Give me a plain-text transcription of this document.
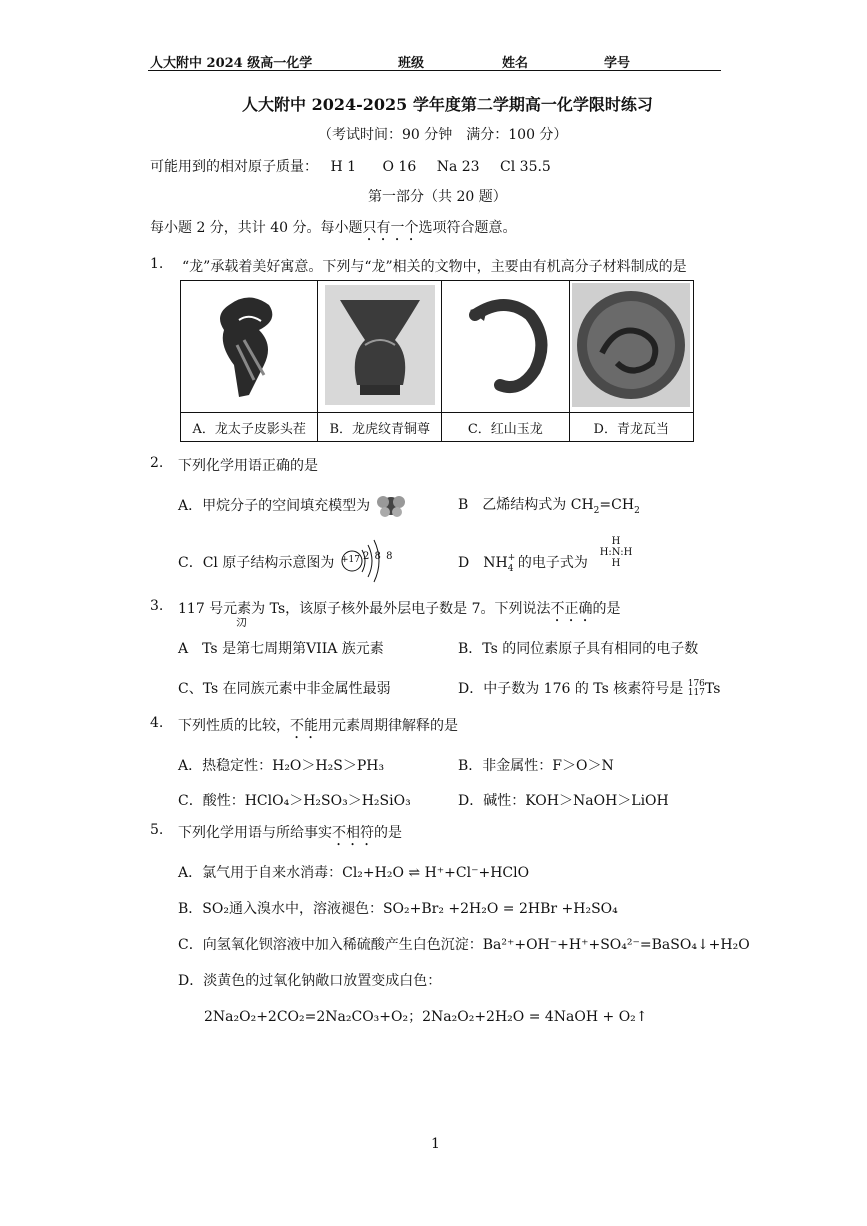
人大附中 2024 级高一化学	班级	姓名	学号
人大附中 2024-2025 学年度第二学期高一化学限时练习
（考试时间：90 分钟　满分：100 分）
可能用到的相对原子质量： H 1 O 16 Na 23 Cl 35.5
第一部分（共 20 题）
每小题 2 分，共计 40 分。每小题只有一个选项符合题意。
1. “龙”承载着美好寓意。下列与“龙”相关的文物中，主要由有机高分子材料制成的是

A．龙太子皮影头茬	B．龙虎纹青铜尊	C．红山玉龙	D．青龙瓦当
2. 下列化学用语正确的是
A．甲烷分子的空间填充模型为	B　乙烯结构式为 $CH_2=CH_2$
C．Cl 原子结构示意图为 +17 2 8 8	D　NH $_{+ 4}$ 的电子式为
H
H:N:H
H
3. 117 号元素为 Ts，该原子核外最外层电子数是 7。下列说法不正确的是
𣱼
A　Ts 是第七周期第VIIA 族元素	B．Ts 的同位素原子具有相同的电子数
C、Ts 在同族元素中非金属性最弱	D．中子数为 176 的 Ts 核素符号是 176
117 Ts
4. 下列性质的比较，不能用元素周期律解释的是
A．热稳定性：H₂O＞H₂S＞PH₃	B．非金属性：F＞O＞N
C．酸性：HClO₄＞H₂SO₃＞H₂SiO₃	D．碱性：KOH＞NaOH＞LiOH
5. 下列化学用语与所给事实不相符的是
A．氯气用于自来水消毒：Cl₂+H₂O ⇌ H⁺+Cl⁻+HClO
B．SO₂通入溴水中，溶液褪色：SO₂+Br₂ +2H₂O = 2HBr +H₂SO₄
C．向氢氧化钡溶液中加入稀硫酸产生白色沉淀：Ba²⁺+OH⁻+H⁺+SO₄²⁻=BaSO₄↓+H₂O
D．淡黄色的过氧化钠敞口放置变成白色：
2Na₂O₂+2CO₂=2Na₂CO₃+O₂；2Na₂O₂+2H₂O = 4NaOH + O₂↑
1
